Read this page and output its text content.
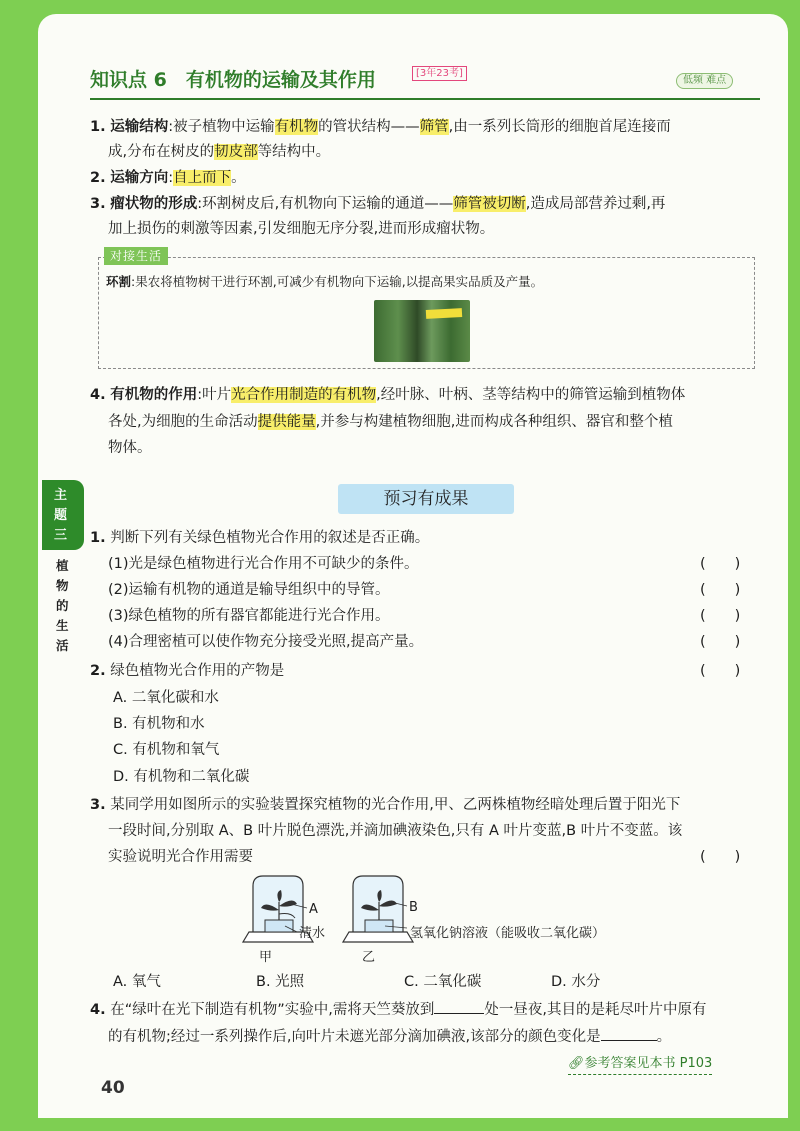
知识点 6　有机物的运输及其作用	[3年23考]
低频 难点
1. 运输结构:被子植物中运输有机物的管状结构——筛管,由一系列长筒形的细胞首尾连接而
成,分布在树皮的韧皮部等结构中。
2. 运输方向:自上而下。
3. 瘤状物的形成:环割树皮后,有机物向下运输的通道——筛管被切断,造成局部营养过剩,再
加上损伤的刺激等因素,引发细胞无序分裂,进而形成瘤状物。
对接生活
环割:果农将植物树干进行环割,可减少有机物向下运输,以提高果实品质及产量。
4. 有机物的作用:叶片光合作用制造的有机物,经叶脉、叶柄、茎等结构中的筛管运输到植物体
各处,为细胞的生命活动提供能量,并参与构建植物细胞,进而构成各种组织、器官和整个植
物体。
主
题
三
植物的生活
预习有成果
1. 判断下列有关绿色植物光合作用的叙述是否正确。
(1)光是绿色植物进行光合作用不可缺少的条件。	(　　)
(2)运输有机物的通道是输导组织中的导管。	(　　)
(3)绿色植物的所有器官都能进行光合作用。	(　　)
(4)合理密植可以使作物充分接受光照,提高产量。	(　　)
2. 绿色植物光合作用的产物是	(　　)
A. 二氧化碳和水
B. 有机物和水
C. 有机物和氧气
D. 有机物和二氧化碳
3. 某同学用如图所示的实验装置探究植物的光合作用,甲、乙两株植物经暗处理后置于阳光下
一段时间,分别取 A、B 叶片脱色漂洗,并滴加碘液染色,只有 A 叶片变蓝,B 叶片不变蓝。该
实验说明光合作用需要	(　　)
A	B
清水	氢氧化钠溶液（能吸收二氧化碳）
甲	乙
A. 氧气	B. 光照	C. 二氧化碳	D. 水分
4. 在“绿叶在光下制造有机物”实验中,需将天竺葵放到	处一昼夜,其目的是耗尽叶片中原有
的有机物;经过一系列操作后,向叶片未遮光部分滴加碘液,该部分的颜色变化是	。
🔗︎参考答案见本书 P103
40
